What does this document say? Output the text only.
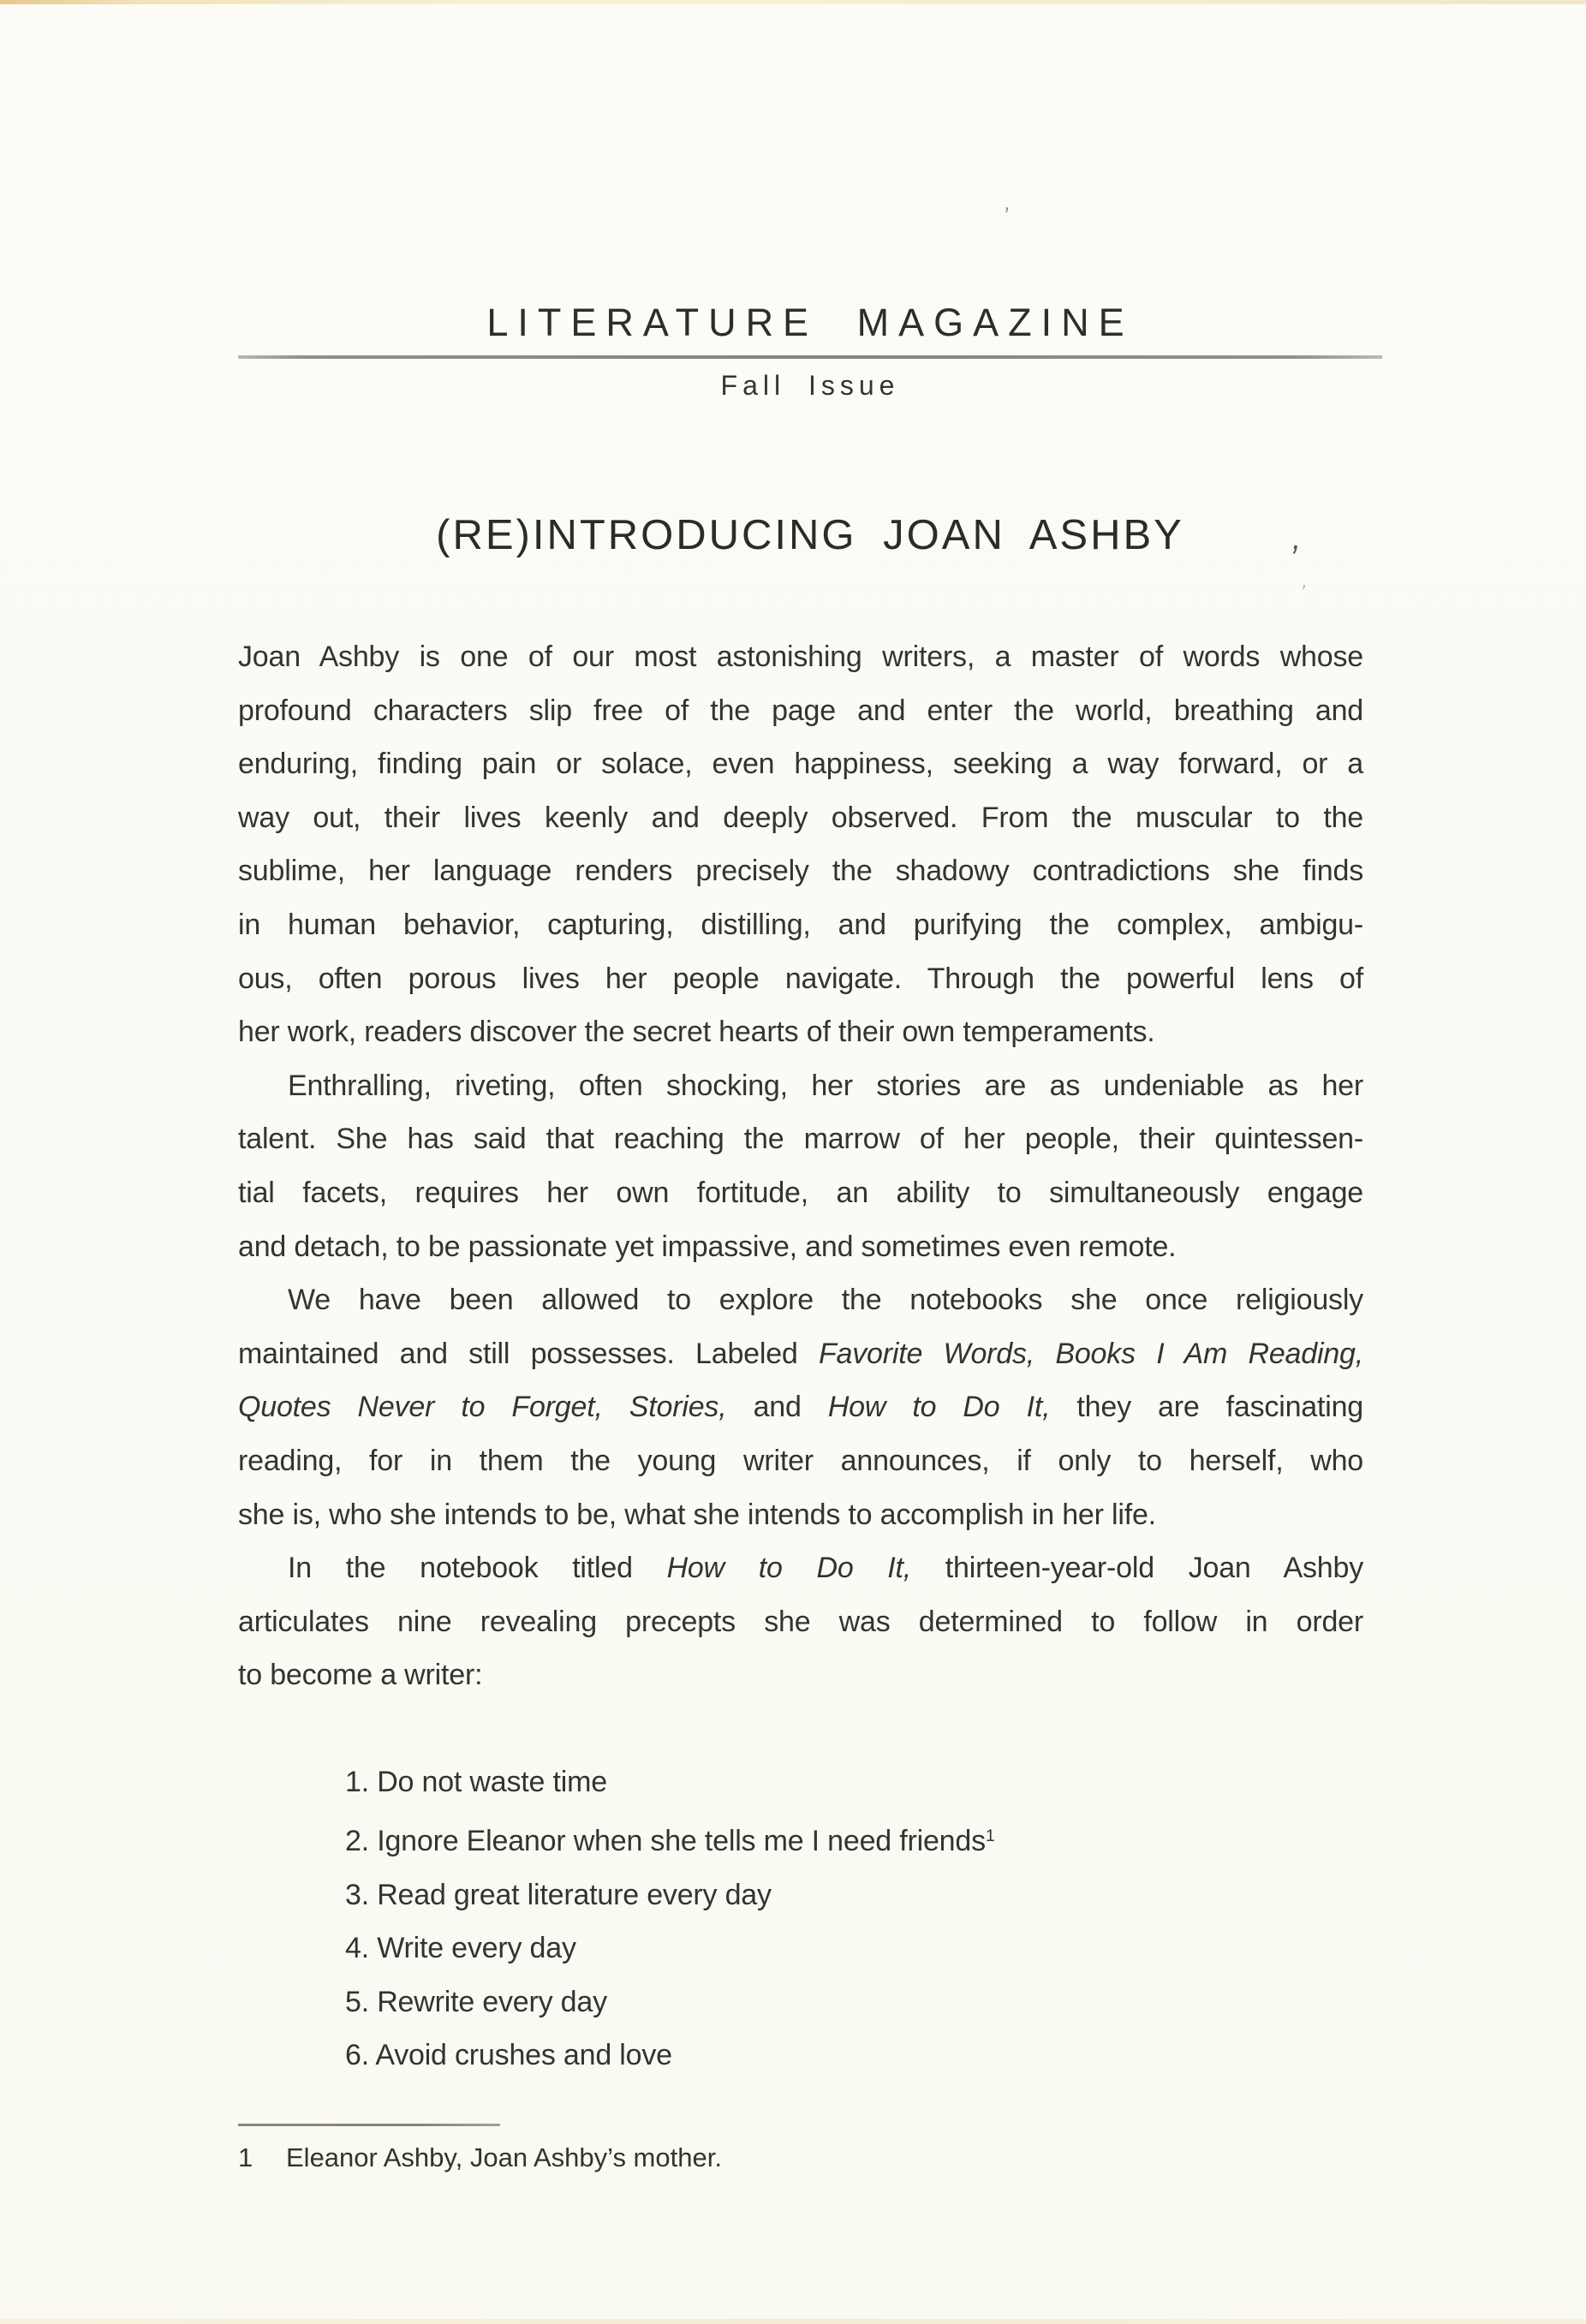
LITERATURE MAGAZINE
Fall Issue
(RE)INTRODUCING JOAN ASHBY
’
’
’
Joan Ashby is one of our most astonishing writers, a master of words whose
profound characters slip free of the page and enter the world, breathing and
enduring, finding pain or solace, even happiness, seeking a way forward, or a
way out, their lives keenly and deeply observed. From the muscular to the
sublime, her language renders precisely the shadowy contradictions she finds
in human behavior, capturing, distilling, and purifying the complex, ambigu-
ous, often porous lives her people navigate. Through the powerful lens of
her work, readers discover the secret hearts of their own temperaments.
Enthralling, riveting, often shocking, her stories are as undeniable as her
talent. She has said that reaching the marrow of her people, their quintessen-
tial facets, requires her own fortitude, an ability to simultaneously engage
and detach, to be passionate yet impassive, and sometimes even remote.
We have been allowed to explore the notebooks she once religiously
maintained and still possesses. Labeled Favorite Words, Books I Am Reading,
Quotes Never to Forget, Stories, and How to Do It, they are fascinating
reading, for in them the young writer announces, if only to herself, who
she is, who she intends to be, what she intends to accomplish in her life.
In the notebook titled How to Do It, thirteen-year-old Joan Ashby
articulates nine revealing precepts she was determined to follow in order
to become a writer:
1. Do not waste time
2. Ignore Eleanor when she tells me I need friends$^1$
3. Read great literature every day
4. Write every day
5. Rewrite every day
6. Avoid crushes and love
1	Eleanor Ashby, Joan Ashby’s mother.
